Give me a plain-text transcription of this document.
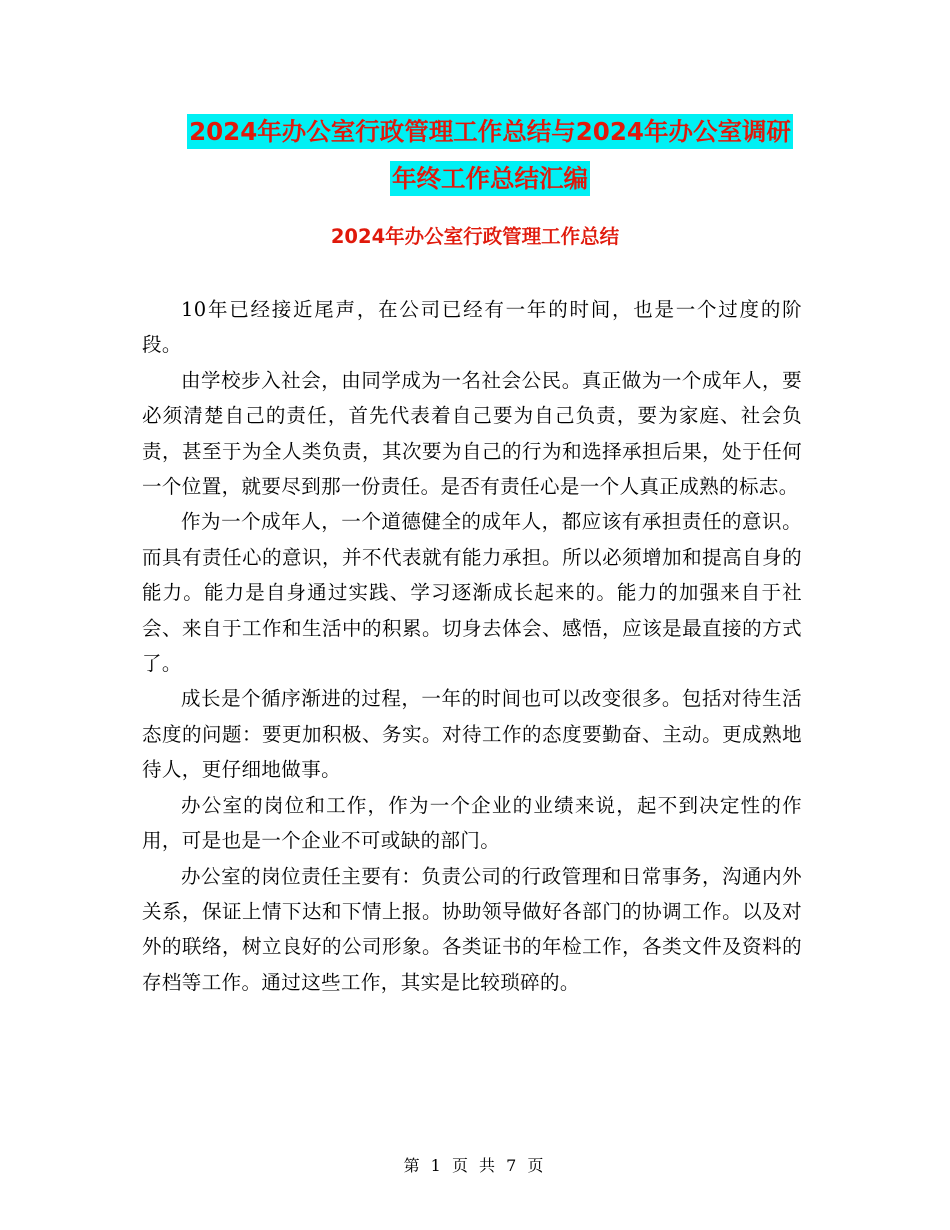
2024年办公室行政管理工作总结与2024年办公室调研
年终工作总结汇编
2024年办公室行政管理工作总结

10年已经接近尾声，在公司已经有一年的时间，也是一个过度的阶段。

由学校步入社会，由同学成为一名社会公民。真正做为一个成年人，要必须清楚自己的责任，首先代表着自己要为自己负责，要为家庭、社会负责，甚至于为全人类负责，其次要为自己的行为和选择承担后果，处于任何一个位置，就要尽到那一份责任。是否有责任心是一个人真正成熟的标志。

作为一个成年人，一个道德健全的成年人，都应该有承担责任的意识。而具有责任心的意识，并不代表就有能力承担。所以必须增加和提高自身的能力。能力是自身通过实践、学习逐渐成长起来的。能力的加强来自于社会、来自于工作和生活中的积累。切身去体会、感悟，应该是最直接的方式了。

成长是个循序渐进的过程，一年的时间也可以改变很多。包括对待生活态度的问题：要更加积极、务实。对待工作的态度要勤奋、主动。更成熟地待人，更仔细地做事。

办公室的岗位和工作，作为一个企业的业绩来说，起不到决定性的作用，可是也是一个企业不可或缺的部门。

办公室的岗位责任主要有：负责公司的行政管理和日常事务，沟通内外关系，保证上情下达和下情上报。协助领导做好各部门的协调工作。以及对外的联络，树立良好的公司形象。各类证书的年检工作，各类文件及资料的存档等工作。通过这些工作，其实是比较琐碎的。

第 1 页 共 7 页
